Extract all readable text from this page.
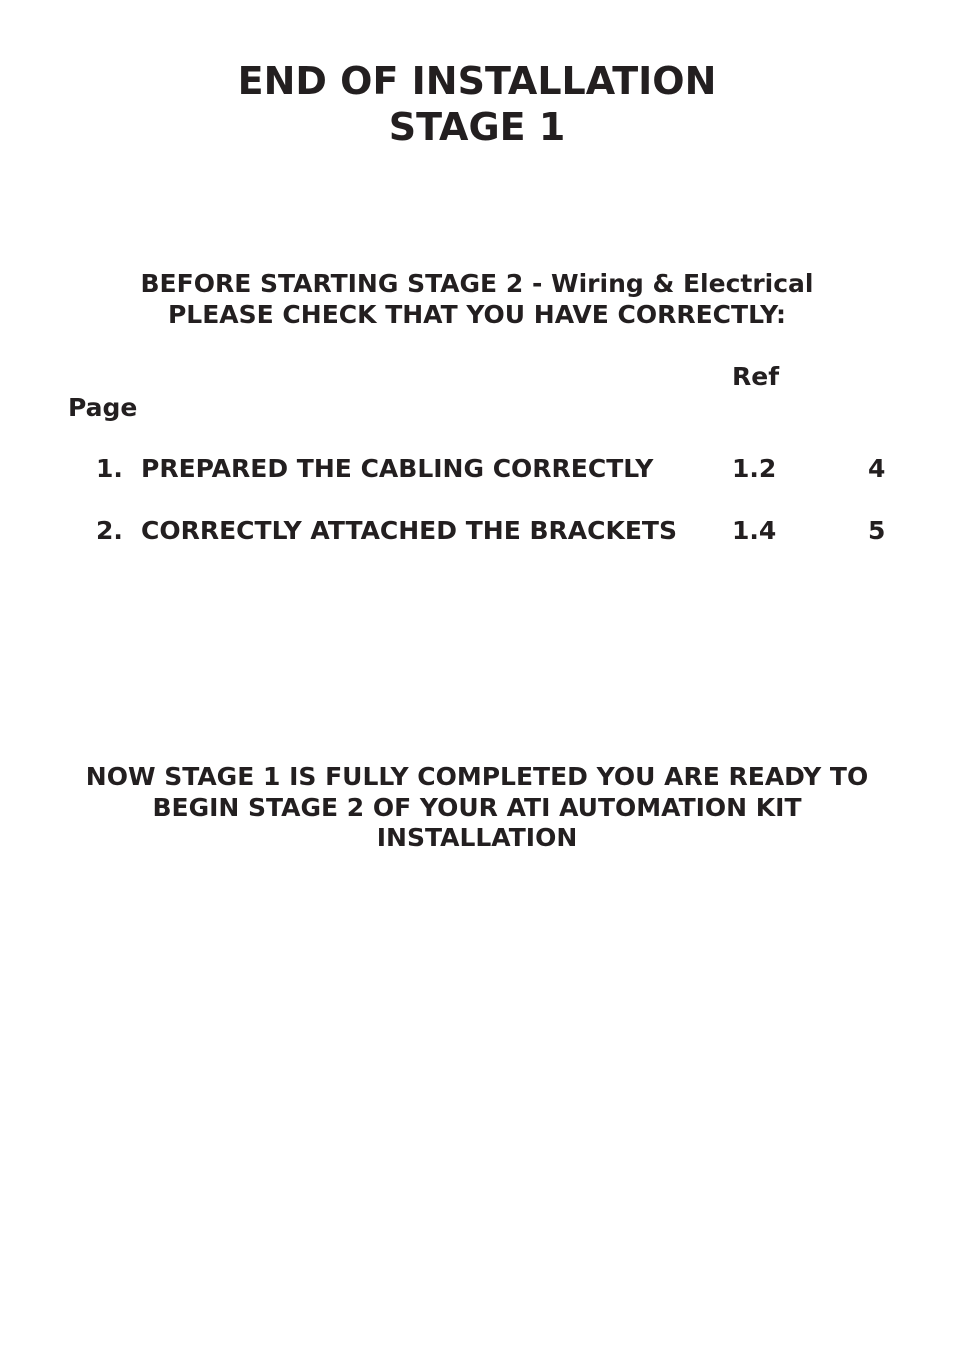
END OF INSTALLATION
STAGE 1

BEFORE STARTING STAGE 2 - Wiring & Electrical

PLEASE CHECK THAT YOU HAVE CORRECTLY:

Ref
Page
1. PREPARED THE CABLING CORRECTLY	1.2	4
2. CORRECTLY ATTACHED THE BRACKETS 1.4	5

NOW STAGE 1 IS FULLY COMPLETED YOU ARE READY TO

BEGIN STAGE 2 OF YOUR ATI AUTOMATION KIT

INSTALLATION
